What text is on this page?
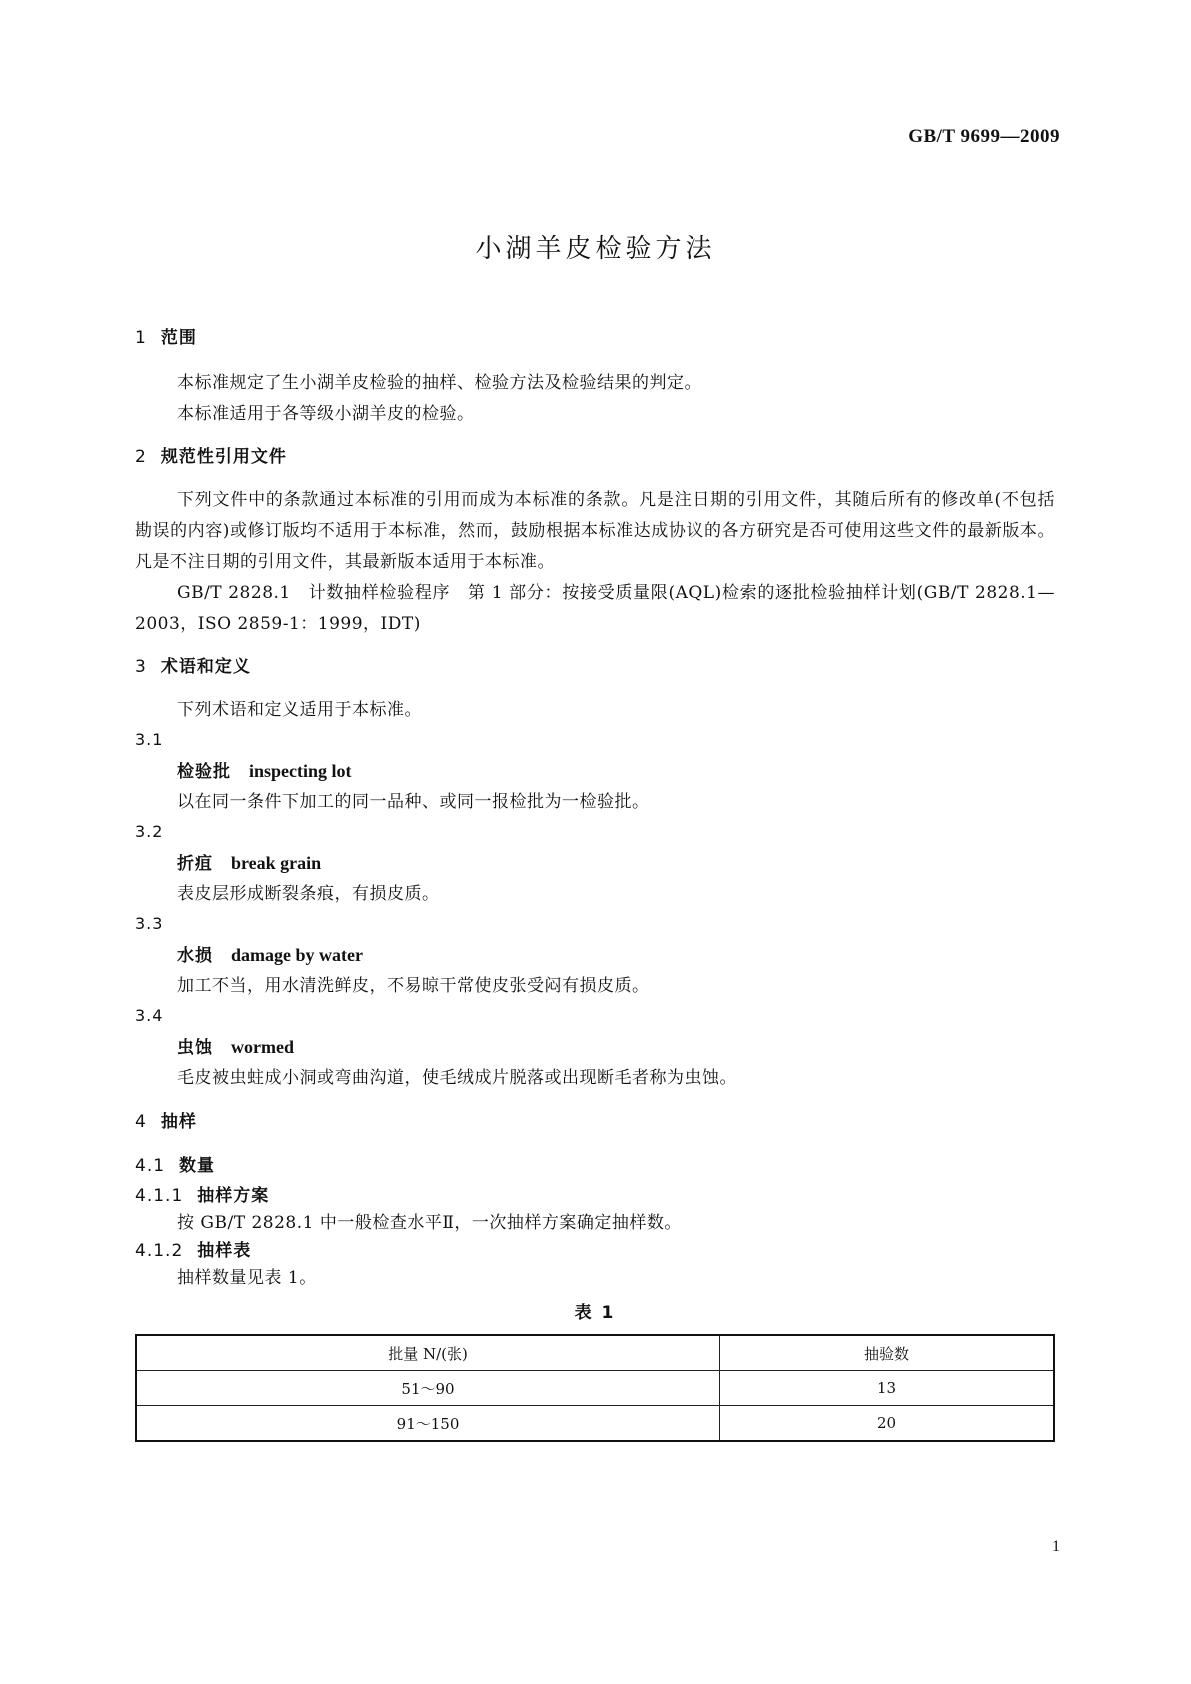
GB/T 9699—2009
小湖羊皮检验方法
1 范围

本标准规定了生小湖羊皮检验的抽样、检验方法及检验结果的判定。

本标准适用于各等级小湖羊皮的检验。

2 规范性引用文件

下列文件中的条款通过本标准的引用而成为本标准的条款。凡是注日期的引用文件，其随后所有的修改单(不包括勘误的内容)或修订版均不适用于本标准，然而，鼓励根据本标准达成协议的各方研究是否可使用这些文件的最新版本。凡是不注日期的引用文件，其最新版本适用于本标准。

GB/T 2828.1　计数抽样检验程序　第 1 部分：按接受质量限(AQL)检索的逐批检验抽样计划(GB/T 2828.1—2003，ISO 2859-1：1999，IDT)

3 术语和定义

下列术语和定义适用于本标准。

3.1
检验批 inspecting lot

以在同一条件下加工的同一品种、或同一报检批为一检验批。

3.2
折疽 break grain

表皮层形成断裂条痕，有损皮质。

3.3
水损 damage by water

加工不当，用水清洗鲜皮，不易晾干常使皮张受闷有损皮质。

3.4
虫蚀 wormed

毛皮被虫蛀成小洞或弯曲沟道，使毛绒成片脱落或出现断毛者称为虫蚀。

4 抽样
4.1 数量
4.1.1 抽样方案

按 GB/T 2828.1 中一般检查水平Ⅱ，一次抽样方案确定抽样数。

4.1.2 抽样表

抽样数量见表 1。

表 1
批量 N/(张)	抽验数
51～90	13
91～150	20
1
